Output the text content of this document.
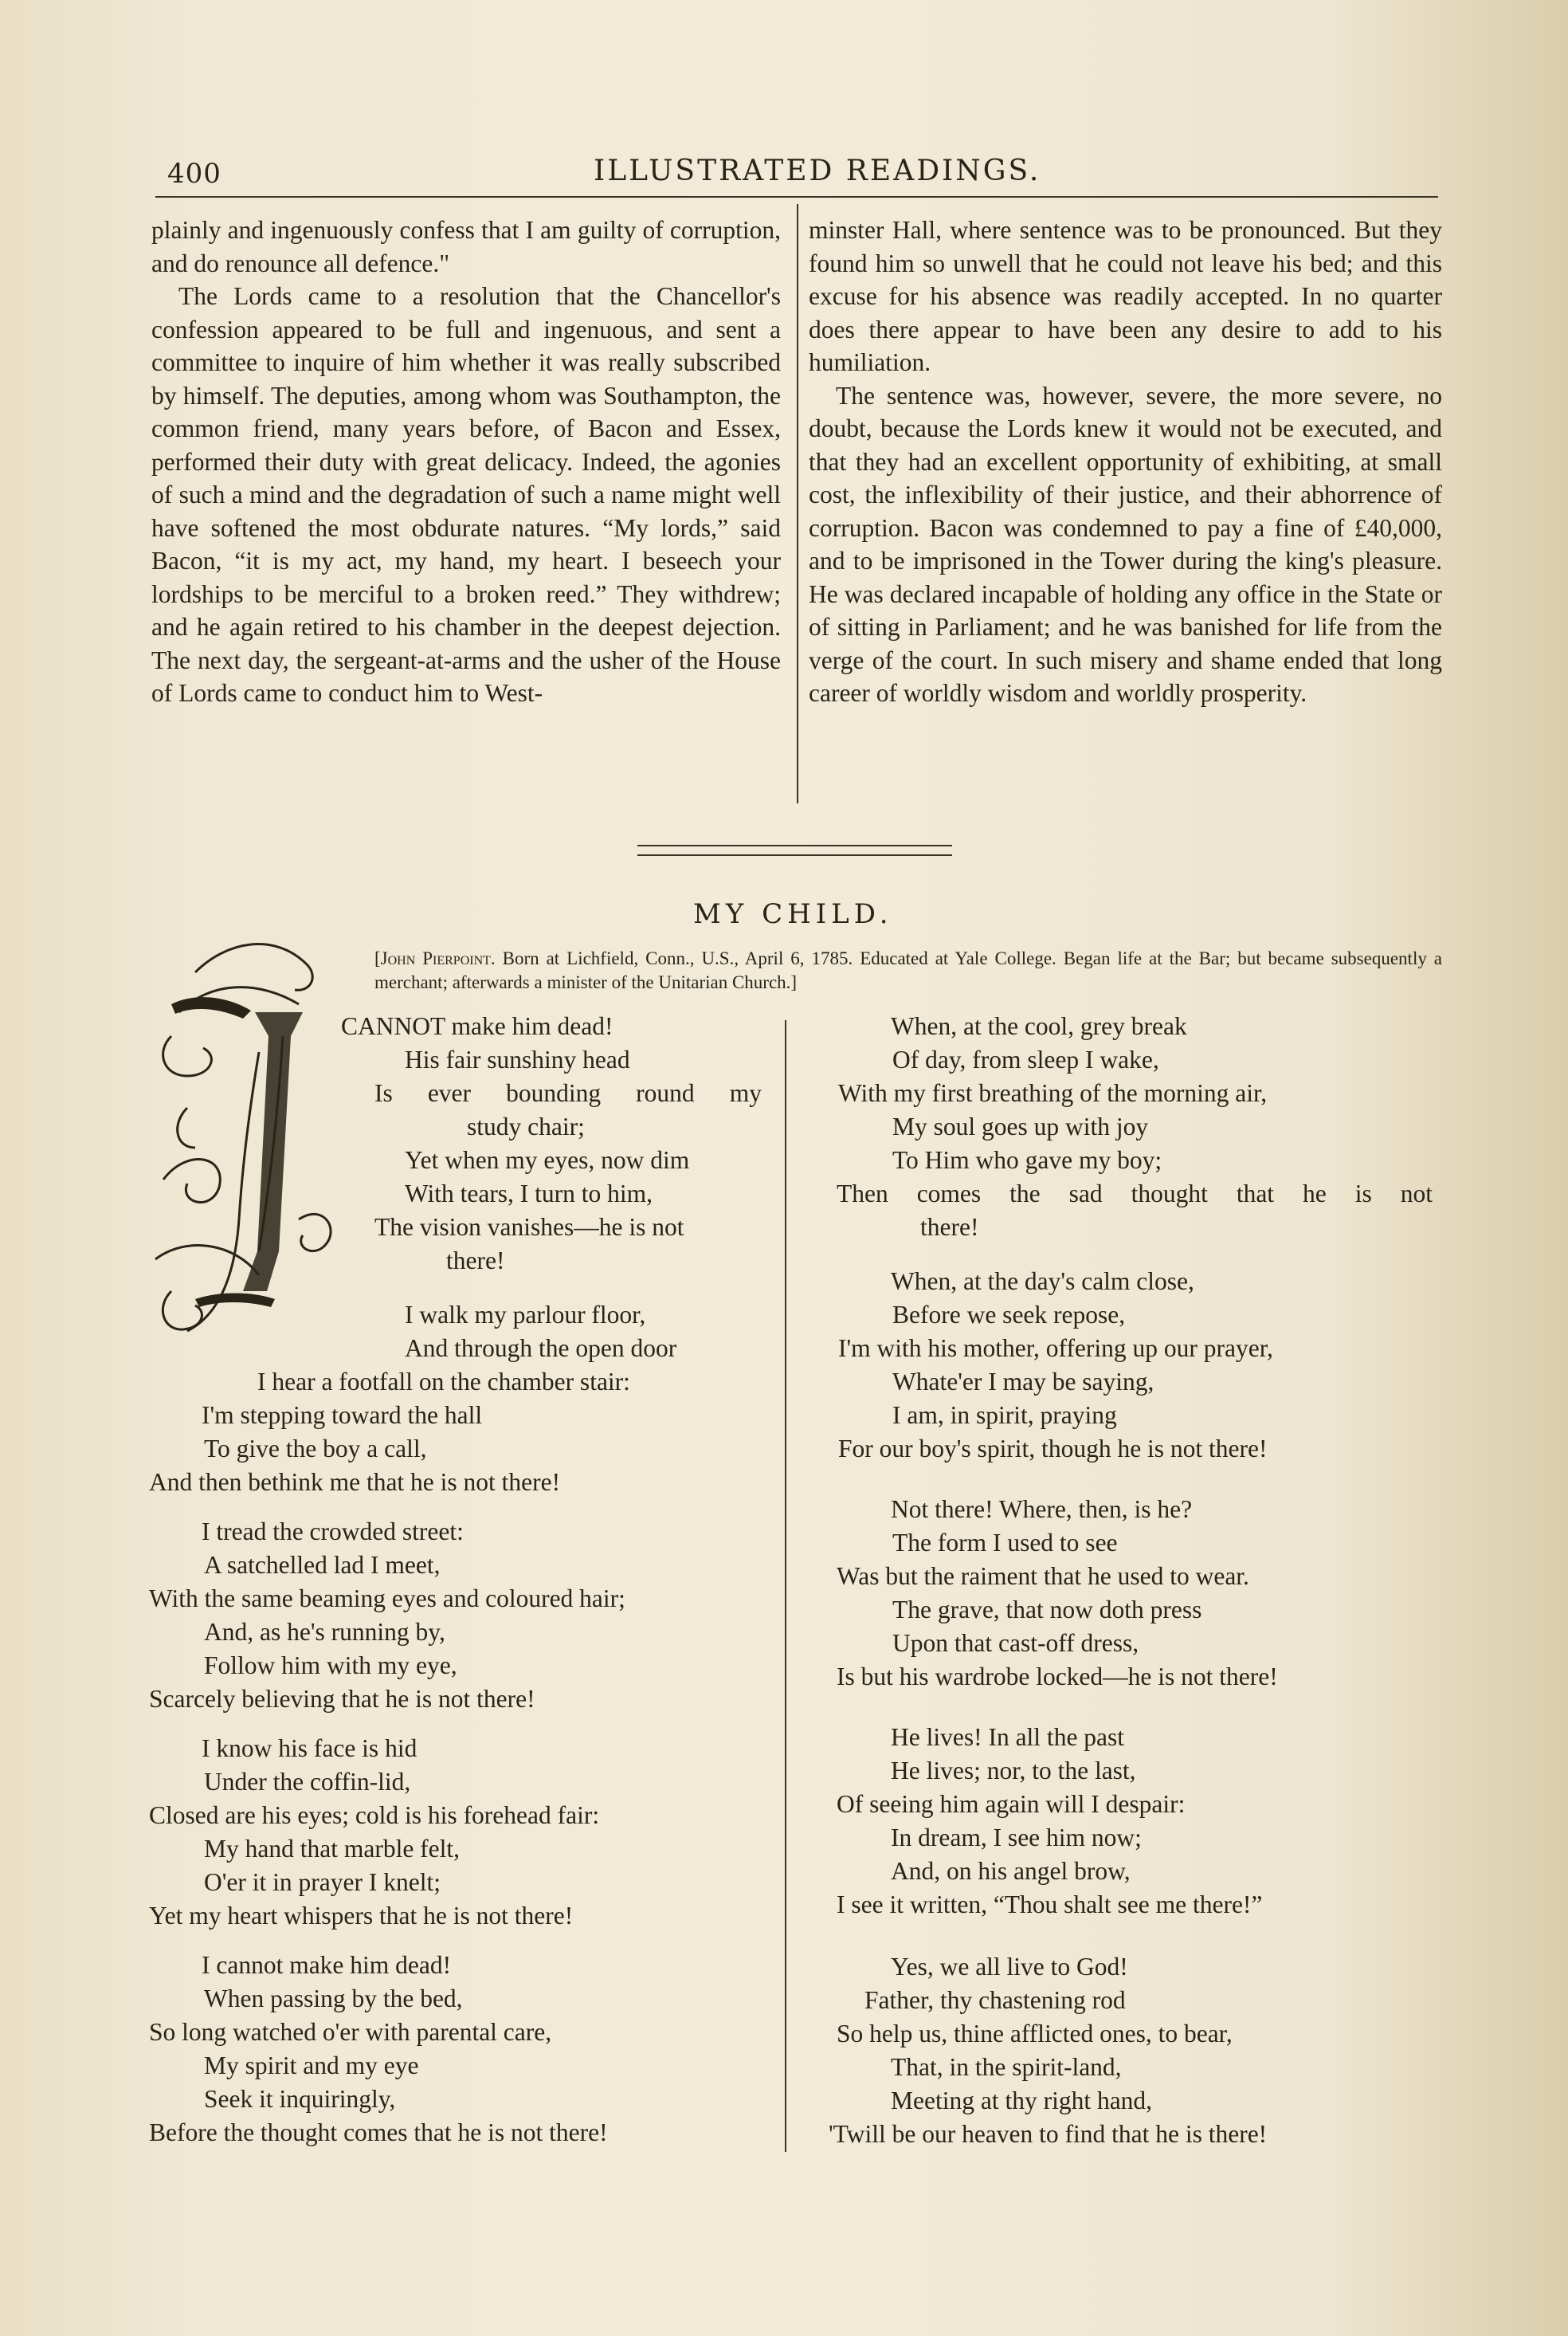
400	ILLUSTRATED READINGS.

plainly and ingenuously confess that I am guilty of corruption, and do renounce all defence."

The Lords came to a resolution that the Chancellor's confession appeared to be full and ingenuous, and sent a committee to inquire of him whether it was really subscribed by himself. The deputies, among whom was Southampton, the common friend, many years before, of Bacon and Essex, performed their duty with great delicacy. Indeed, the agonies of such a mind and the degradation of such a name might well have softened the most obdurate natures. “My lords,” said Bacon, “it is my act, my hand, my heart. I beseech your lordships to be merciful to a broken reed.” They withdrew; and he again retired to his chamber in the deepest dejection. The next day, the sergeant-at-arms and the usher of the House of Lords came to conduct him to West-

minster Hall, where sentence was to be pronounced. But they found him so unwell that he could not leave his bed; and this excuse for his absence was readily accepted. In no quarter does there appear to have been any desire to add to his humiliation.

The sentence was, however, severe, the more severe, no doubt, because the Lords knew it would not be executed, and that they had an excellent opportunity of exhibiting, at small cost, the inflexibility of their justice, and their abhorrence of corruption. Bacon was condemned to pay a fine of £40,000, and to be imprisoned in the Tower during the king's pleasure. He was declared incapable of holding any office in the State or of sitting in Parliament; and he was banished for life from the verge of the court. In such misery and shame ended that long career of worldly wisdom and worldly prosperity.

MY CHILD.
[John Pierpoint. Born at Lichfield, Conn., U.S., April 6, 1785. Educated at Yale College. Began life at the Bar; but became subsequently a merchant; afterwards a minister of the Unitarian Church.]
CANNOT make him dead!
His fair sunshiny head
Is ever bounding round my
study chair;
Yet when my eyes, now dim
With tears, I turn to him,
The vision vanishes—he is not
there!
I walk my parlour floor,
And through the open door
I hear a footfall on the chamber stair:
I'm stepping toward the hall
To give the boy a call,
And then bethink me that he is not there!
I tread the crowded street:
A satchelled lad I meet,
With the same beaming eyes and coloured hair;
And, as he's running by,
Follow him with my eye,
Scarcely believing that he is not there!
I know his face is hid
Under the coffin-lid,
Closed are his eyes; cold is his forehead fair:
My hand that marble felt,
O'er it in prayer I knelt;
Yet my heart whispers that he is not there!
I cannot make him dead!
When passing by the bed,
So long watched o'er with parental care,
My spirit and my eye
Seek it inquiringly,
Before the thought comes that he is not there!
When, at the cool, grey break
Of day, from sleep I wake,
With my first breathing of the morning air,
My soul goes up with joy
To Him who gave my boy;
Then comes the sad thought that he is not
there!
When, at the day's calm close,
Before we seek repose,
I'm with his mother, offering up our prayer,
Whate'er I may be saying,
I am, in spirit, praying
For our boy's spirit, though he is not there!
Not there! Where, then, is he?
The form I used to see
Was but the raiment that he used to wear.
The grave, that now doth press
Upon that cast-off dress,
Is but his wardrobe locked—he is not there!
He lives! In all the past
He lives; nor, to the last,
Of seeing him again will I despair:
In dream, I see him now;
And, on his angel brow,
I see it written, “Thou shalt see me there!”
Yes, we all live to God!
Father, thy chastening rod
So help us, thine afflicted ones, to bear,
That, in the spirit-land,
Meeting at thy right hand,
'Twill be our heaven to find that he is there!
